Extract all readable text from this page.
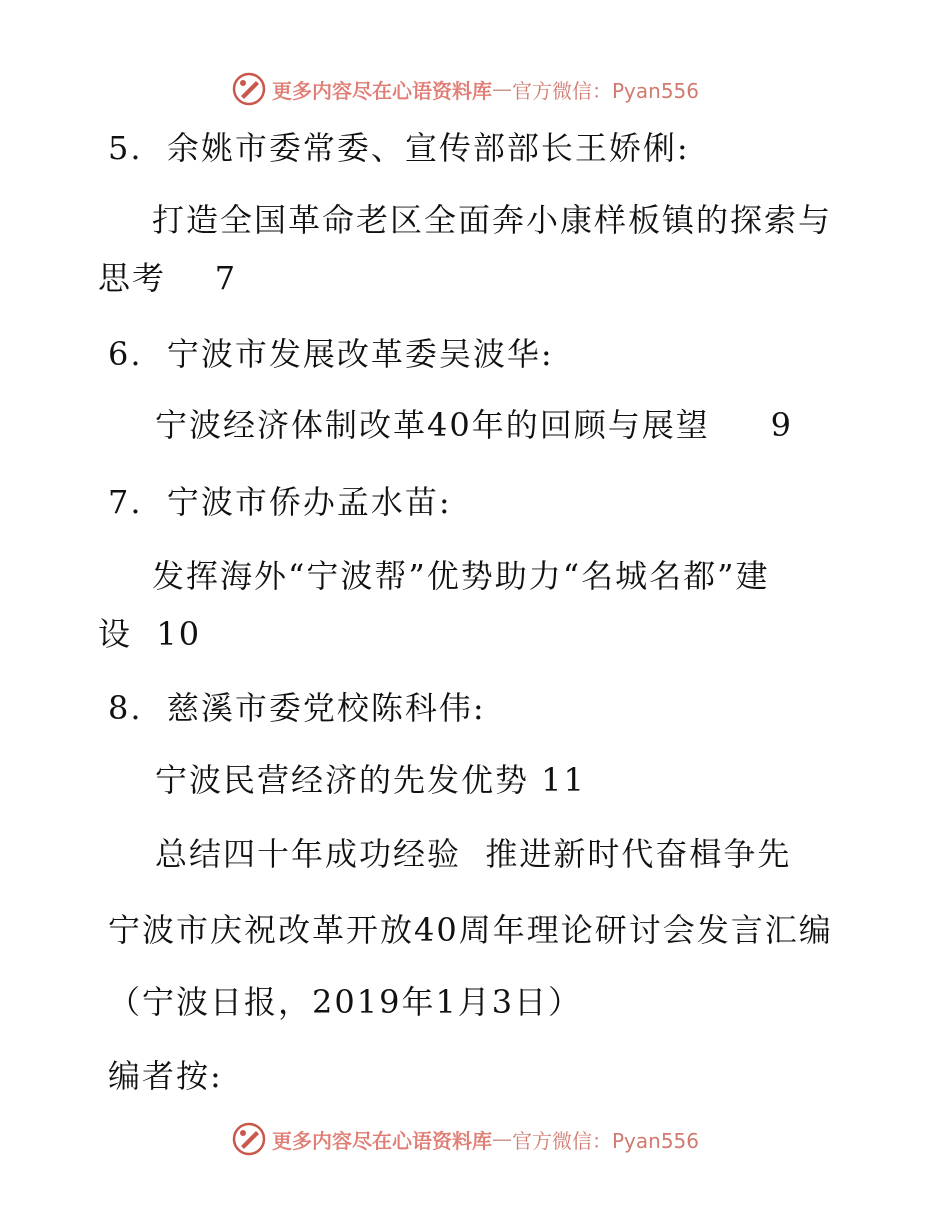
更多内容尽在心语资料库 — 官方微信：Pyan556
5.  余姚市委常委、宣传部部长王娇俐:
打造全国革命老区全面奔小康样板镇的探索与
思考    7
6.  宁波市发展改革委吴波华:
宁波经济体制改革40年的回顾与展望     9
7.  宁波市侨办孟水苗:
发挥海外“宁波帮”优势助力“名城名都”建
设  10
8.  慈溪市委党校陈科伟:
宁波民营经济的先发优势 11
总结四十年成功经验  推进新时代奋楫争先
宁波市庆祝改革开放40周年理论研讨会发言汇编
（宁波日报，2019年1月3日）
编者按:
更多内容尽在心语资料库 — 官方微信：Pyan556
